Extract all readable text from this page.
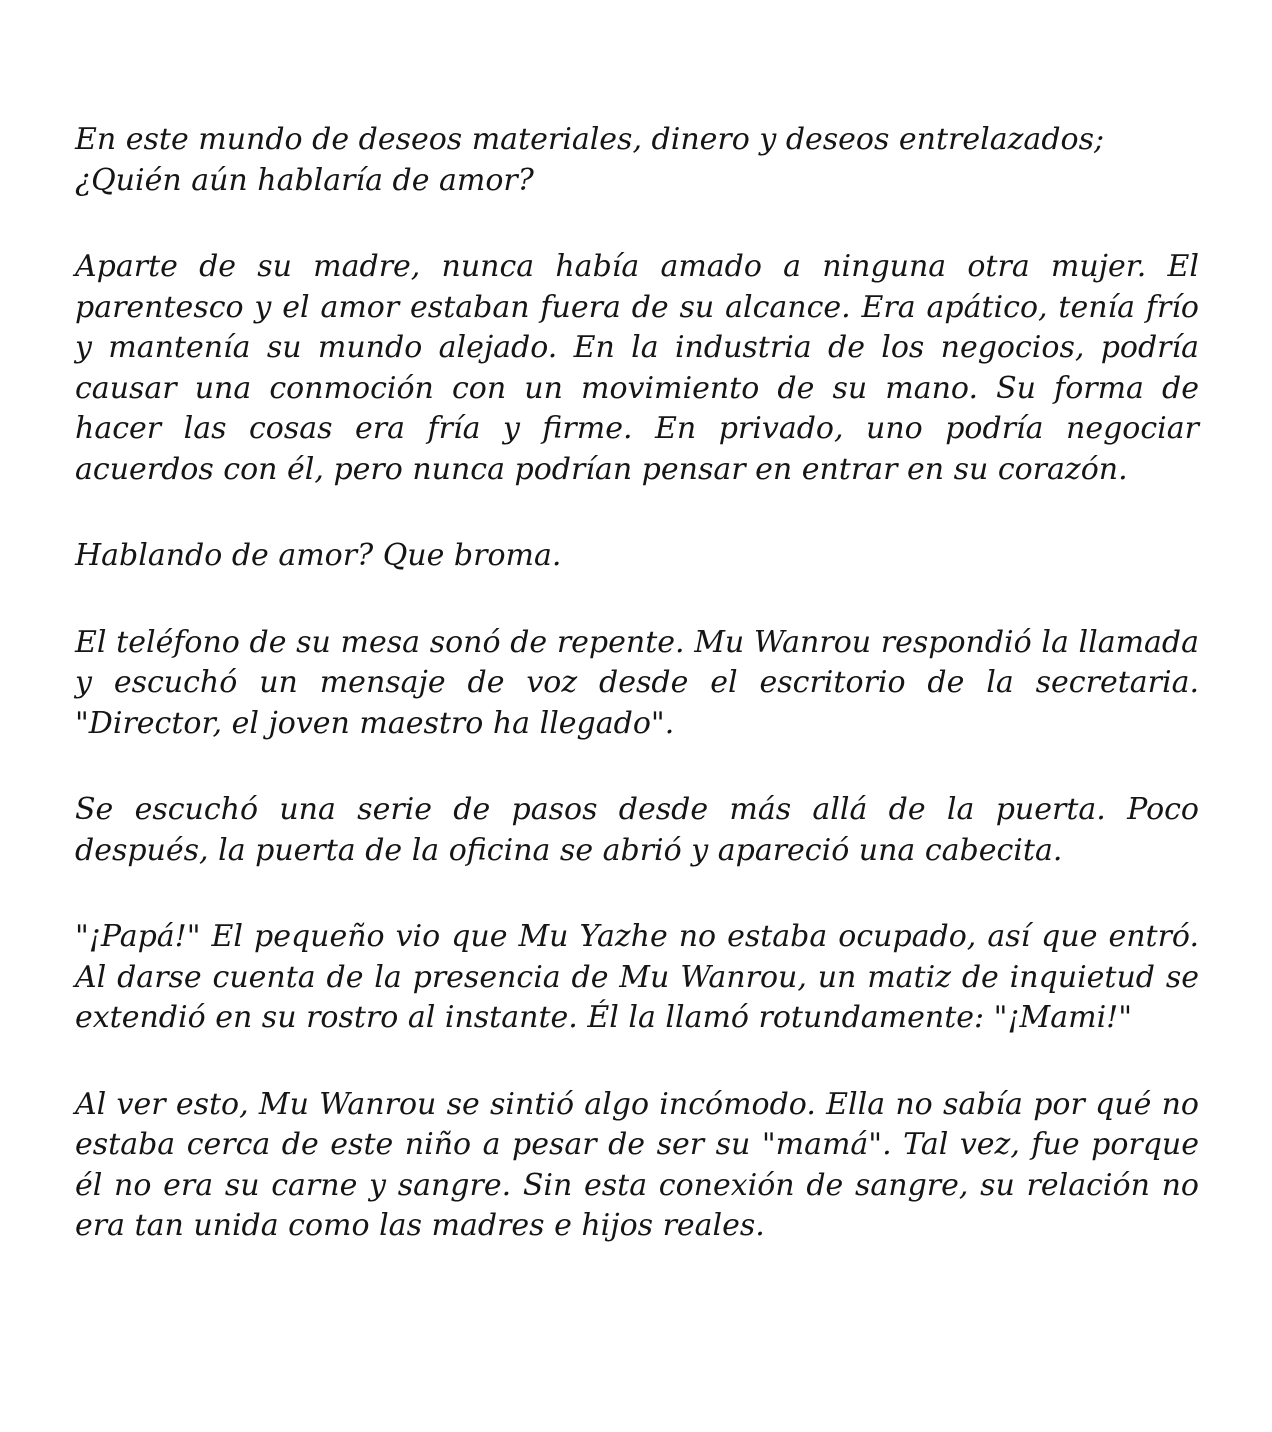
En este mundo de deseos materiales, dinero y deseos entrelazados;
¿Quién aún hablaría de amor?

Aparte de su madre, nunca había amado a ninguna otra mujer. El parentesco y el amor estaban fuera de su alcance. Era apático, tenía frío y mantenía su mundo alejado. En la industria de los negocios, podría causar una conmoción con un movimiento de su mano. Su forma de hacer las cosas era fría y firme. En privado, uno podría negociar acuerdos con él, pero nunca podrían pensar en entrar en su corazón.

Hablando de amor? Que broma.

El teléfono de su mesa sonó de repente. Mu Wanrou respondió la llamada y escuchó un mensaje de voz desde el escritorio de la secretaria. "Director, el joven maestro ha llegado".

Se escuchó una serie de pasos desde más allá de la puerta. Poco después, la puerta de la oficina se abrió y apareció una cabecita.

"¡Papá!" El pequeño vio que Mu Yazhe no estaba ocupado, así que entró. Al darse cuenta de la presencia de Mu Wanrou, un matiz de inquietud se extendió en su rostro al instante. Él la llamó rotundamente: "¡Mami!"

Al ver esto, Mu Wanrou se sintió algo incómodo. Ella no sabía por qué no estaba cerca de este niño a pesar de ser su "mamá". Tal vez, fue porque él no era su carne y sangre. Sin esta conexión de sangre, su relación no era tan unida como las madres e hijos reales.
